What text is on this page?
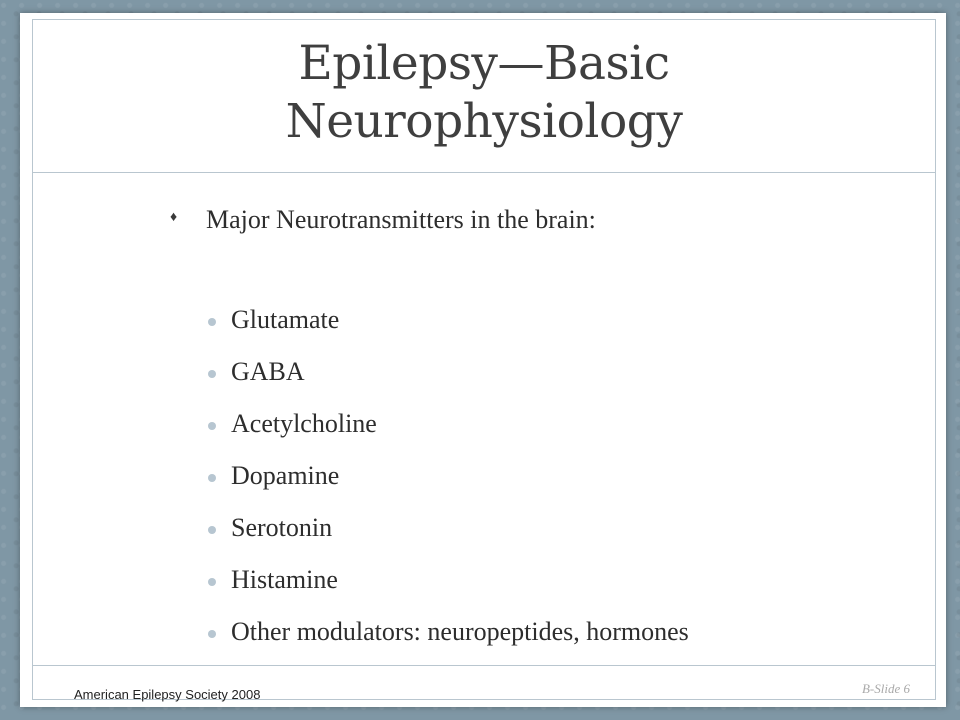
Epilepsy—Basic
Neurophysiology
♦ Major Neurotransmitters in the brain:
Glutamate
GABA
Acetylcholine
Dopamine
Serotonin
Histamine
Other modulators: neuropeptides, hormones
American Epilepsy Society 2008	B-Slide 6
